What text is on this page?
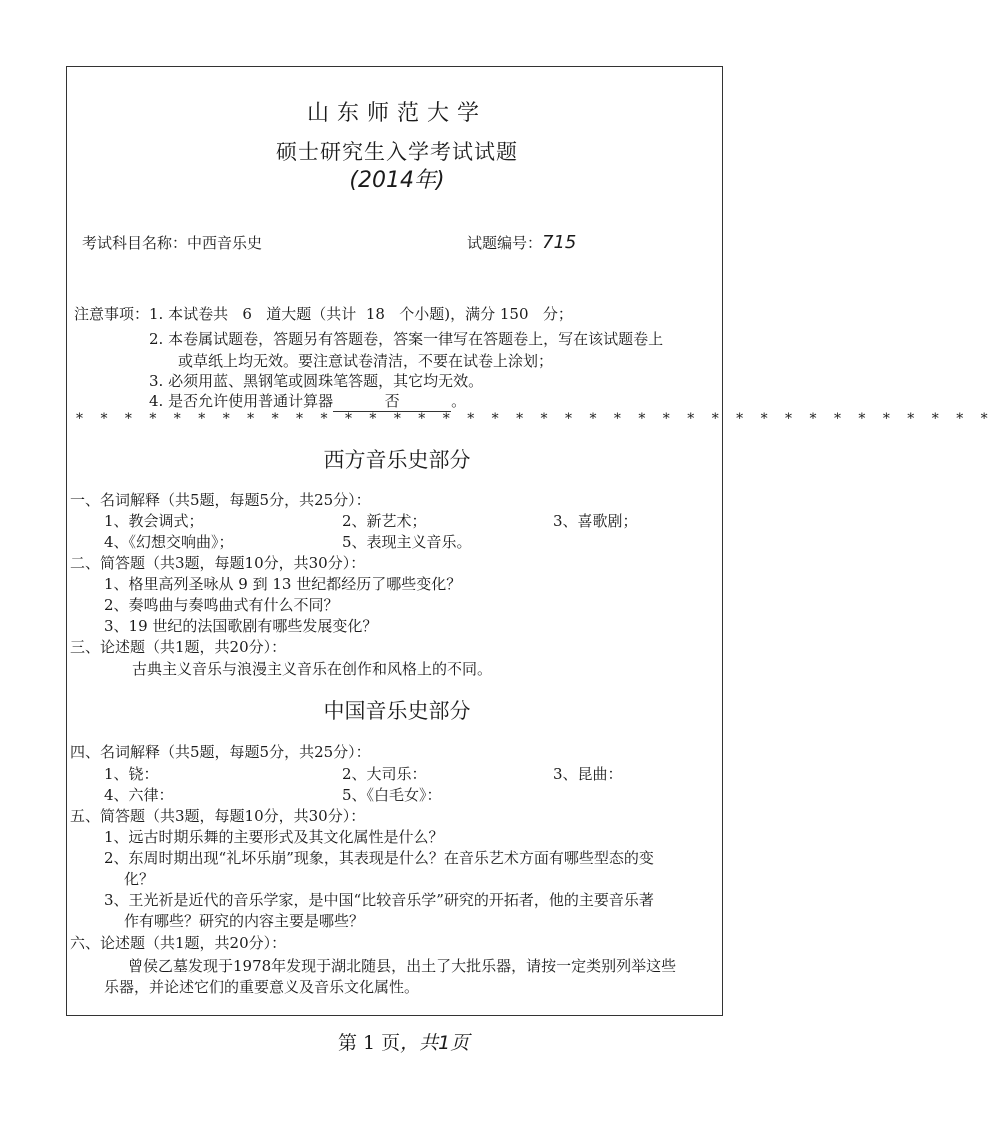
山东师范大学
硕士研究生入学考试试题
(2014年)
考试科目名称：中西音乐史	试题编号：715
注意事项：1. 本试卷共 6 道大题（共计 18 个小题)，满分 150 分；
2. 本卷属试题卷，答题另有答题卷，答案一律写在答题卷上，写在该试题卷上
或草纸上均无效。要注意试卷清洁，不要在试卷上涂划；
3. 必须用蓝、黑钢笔或圆珠笔答题，其它均无效。
4. 是否允许使用普通计算器	否	。
* * * * * * * * * * * * * * * * * * * * * * * * * * * * * * * * * * * * * *
西方音乐史部分
一、名词解释（共5题，每题5分，共25分）：
1、教会调式；	2、新艺术；	3、喜歌剧；
4、《幻想交响曲》；	5、表现主义音乐。
二、简答题（共3题，每题10分，共30分）：
1、格里高列圣咏从 9 到 13 世纪都经历了哪些变化？
2、奏鸣曲与奏鸣曲式有什么不同？
3、19 世纪的法国歌剧有哪些发展变化？
三、论述题（共1题，共20分）：
古典主义音乐与浪漫主义音乐在创作和风格上的不同。
中国音乐史部分
四、名词解释（共5题，每题5分，共25分）：
1、铙：	2、大司乐：	3、昆曲：
4、六律：	5、《白毛女》：
五、简答题（共3题，每题10分，共30分）：
1、远古时期乐舞的主要形式及其文化属性是什么？
2、东周时期出现“礼坏乐崩”现象，其表现是什么？在音乐艺术方面有哪些型态的变
化？
3、王光祈是近代的音乐学家，是中国“比较音乐学”研究的开拓者，他的主要音乐著
作有哪些？研究的内容主要是哪些？
六、论述题（共1题，共20分）：
曾侯乙墓发现于1978年发现于湖北随县，出土了大批乐器，请按一定类别列举这些
乐器，并论述它们的重要意义及音乐文化属性。
第 1 页，共1页
